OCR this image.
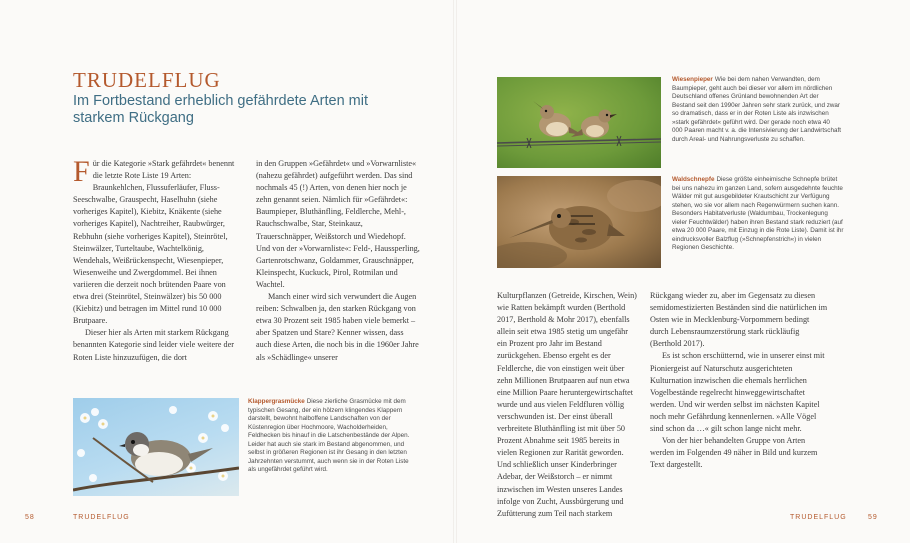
TRUDELFLUG
Im Fortbestand erheblich gefährdete Arten mit starkem Rückgang

Für die Kategorie »Stark gefährdet« benennt die letzte Rote Liste 19 Arten: Braunkehlchen, Flussuferläufer, Fluss-Seeschwalbe, Grauspecht, Haselhuhn (siehe vorheriges Kapitel), Kiebitz, Knäkente (siehe vorheriges Kapitel), Nachtreiher, Raubwürger, Rebhuhn (siehe vorheriges Kapitel), Steinrötel, Steinwälzer, Turteltaube, Wachtelkönig, Wendehals, Weißrückenspecht, Wiesenpieper, Wiesenweihe und Zwergdommel. Bei ihnen variieren die derzeit noch brütenden Paare von etwa drei (Steinrötel, Steinwälzer) bis 50 000 (Kiebitz) und betragen im Mittel rund 10 000 Brutpaare.

Dieser hier als Arten mit starkem Rückgang benannten Kategorie sind leider viele weitere der Roten Liste hinzuzufügen, die dort

in den Gruppen »Gefährdet« und »Vorwarnliste« (nahezu gefährdet) aufgeführt werden. Das sind nochmals 45 (!) Arten, von denen hier noch je zehn genannt seien. Nämlich für »Gefährdet«: Baumpieper, Bluthänfling, Feldlerche, Mehl-, Rauchschwalbe, Star, Steinkauz, Trauerschnäpper, Weißstorch und Wiedehopf. Und von der »Vorwarnliste«: Feld-, Haussperling, Gartenrotschwanz, Goldammer, Grauschnäpper, Kleinspecht, Kuckuck, Pirol, Rotmilan und Wachtel.

Manch einer wird sich verwundert die Augen reiben: Schwalben ja, den starken Rückgang von etwa 30 Prozent seit 1985 haben viele bemerkt – aber Spatzen und Stare? Kenner wissen, dass auch diese Arten, die noch bis in die 1960er Jahre als »Schädlinge« unserer

Kulturpflanzen (Getreide, Kirschen, Wein) wie Ratten bekämpft wurden (Berthold 2017, Berthold & Mohr 2017), ebenfalls allein seit etwa 1985 stetig um ungefähr ein Prozent pro Jahr im Bestand zurückgehen. Ebenso ergeht es der Feldlerche, die von einstigen weit über zehn Millionen Brutpaaren auf nun etwa eine Million Paare heruntergewirtschaftet wurde und aus vielen Feldfluren völlig verschwunden ist. Der einst überall verbreitete Bluthänfling ist mit über 50 Prozent Abnahme seit 1985 bereits in vielen Regionen zur Rarität geworden. Und schließlich unser Kinderbringer Adebar, der Weißstorch – er nimmt inzwischen im Westen unseres Landes infolge von Zucht, Aussbürgerung und Zufütterung zum Teil nach starkem

Rückgang wieder zu, aber im Gegensatz zu diesen semidomestizierten Beständen sind die natürlichen im Osten wie in Mecklenburg-Vorpommern bedingt durch Lebensraumzerstörung stark rückläufig (Berthold 2017).

Es ist schon erschütternd, wie in unserer einst mit Pioniergeist auf Naturschutz ausgerichteten Kulturnation inzwischen die ehemals herrlichen Vogelbestände regelrecht hinweggewirtschaftet werden. Und wir werden selbst im nächsten Kapitel noch mehr Gefährdung kennenlernen. »Alle Vögel sind schon da …« gilt schon lange nicht mehr.

Von der hier behandelten Gruppe von Arten werden im Folgenden 49 näher in Bild und kurzem Text dargestellt.

Klappergrasmücke Diese zierliche Grasmücke mit dem typischen Gesang, der ein hölzern klingendes Klappern darstellt, bewohnt halboffene Landschaften von der Küstenregion über Hochmoore, Wacholderheiden, Feldhecken bis hinauf in die Latschenbestände der Alpen. Leider hat auch sie stark im Bestand abgenommen, und selbst in größeren Regionen ist ihr Gesang in den letzten Jahrzehnten verstummt, auch wenn sie in der Roten Liste als ungefährdet geführt wird.

Wiesenpieper Wie bei dem nahen Verwandten, dem Baumpieper, geht auch bei dieser vor allem im nördlichen Deutschland offenes Grünland bewohnenden Art der Bestand seit den 1990er Jahren sehr stark zurück, und zwar so dramatisch, dass er in der Roten Liste als inzwischen »stark gefährdet« geführt wird. Der gerade noch etwa 40 000 Paaren macht v. a. die Intensivierung der Landwirtschaft durch Areal- und Nahrungsverluste zu schaffen.

Waldschnepfe Diese größte einheimische Schnepfe brütet bei uns nahezu im ganzen Land, sofern ausgedehnte feuchte Wälder mit gut ausgebildeter Krautschicht zur Verfügung stehen, wo sie vor allem nach Regenwürmern suchen kann. Besonders Habitatverluste (Waldumbau, Trockenlegung vieler Feuchtwälder) haben ihren Bestand stark reduziert (auf etwa 20 000 Paare, mit Einzug in die Rote Liste). Damit ist ihr eindrucksvoller Balzflug (»Schnepfenstrich«) in vielen Regionen Geschichte.

58	TRUDELFLUG	TRUDELFLUG	59
